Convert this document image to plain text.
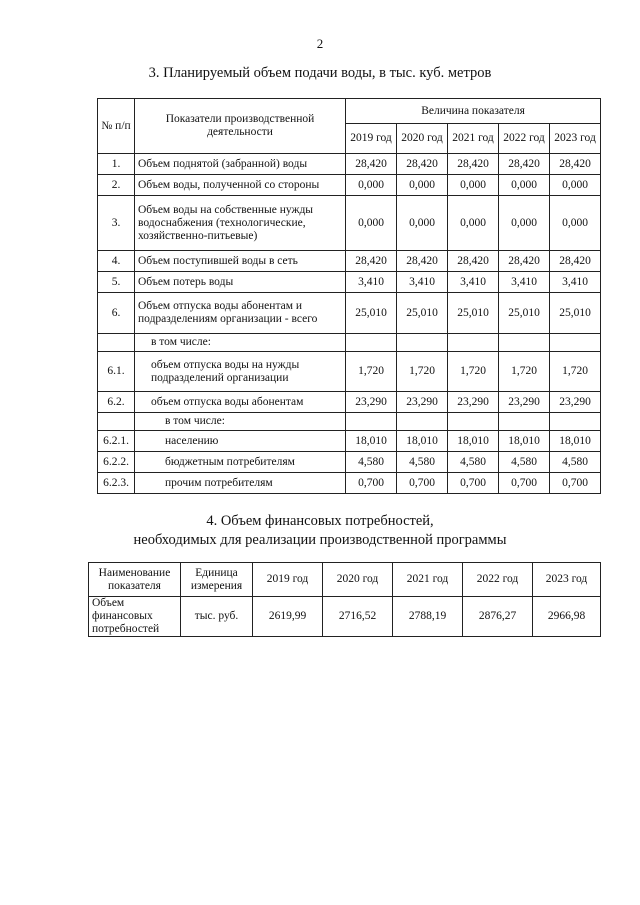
2
3. Планируемый объем подачи воды, в тыс. куб. метров
№ п/п	Показатели производственной деятельности	Величина показателя				
		2019 год	2020 год	2021 год	2022 год	2023 год
1.	Объем поднятой (забранной) воды	28,420	28,420	28,420	28,420	28,420
2.	Объем воды, полученной со стороны	0,000	0,000	0,000	0,000	0,000
3.	Объем воды на собственные нужды водоснабжения (технологические, хозяйственно-питьевые)	0,000	0,000	0,000	0,000	0,000
4.	Объем поступившей воды в сеть	28,420	28,420	28,420	28,420	28,420
5.	Объем потерь воды	3,410	3,410	3,410	3,410	3,410
6.	Объем отпуска воды абонентам и подразделениям организации - всего	25,010	25,010	25,010	25,010	25,010
	в том числе:					
6.1.	объем отпуска воды на нужды подразделений организации	1,720	1,720	1,720	1,720	1,720
6.2.	объем отпуска воды абонентам	23,290	23,290	23,290	23,290	23,290
	в том числе:					
6.2.1.	населению	18,010	18,010	18,010	18,010	18,010
6.2.2.	бюджетным потребителям	4,580	4,580	4,580	4,580	4,580
6.2.3.	прочим потребителям	0,700	0,700	0,700	0,700	0,700
4. Объем финансовых потребностей,
необходимых для реализации производственной программы
Наименование показателя	Единица измерения	2019 год	2020 год	2021 год	2022 год	2023 год
Объем финансовых потребностей	тыс. руб.	2619,99	2716,52	2788,19	2876,27	2966,98
